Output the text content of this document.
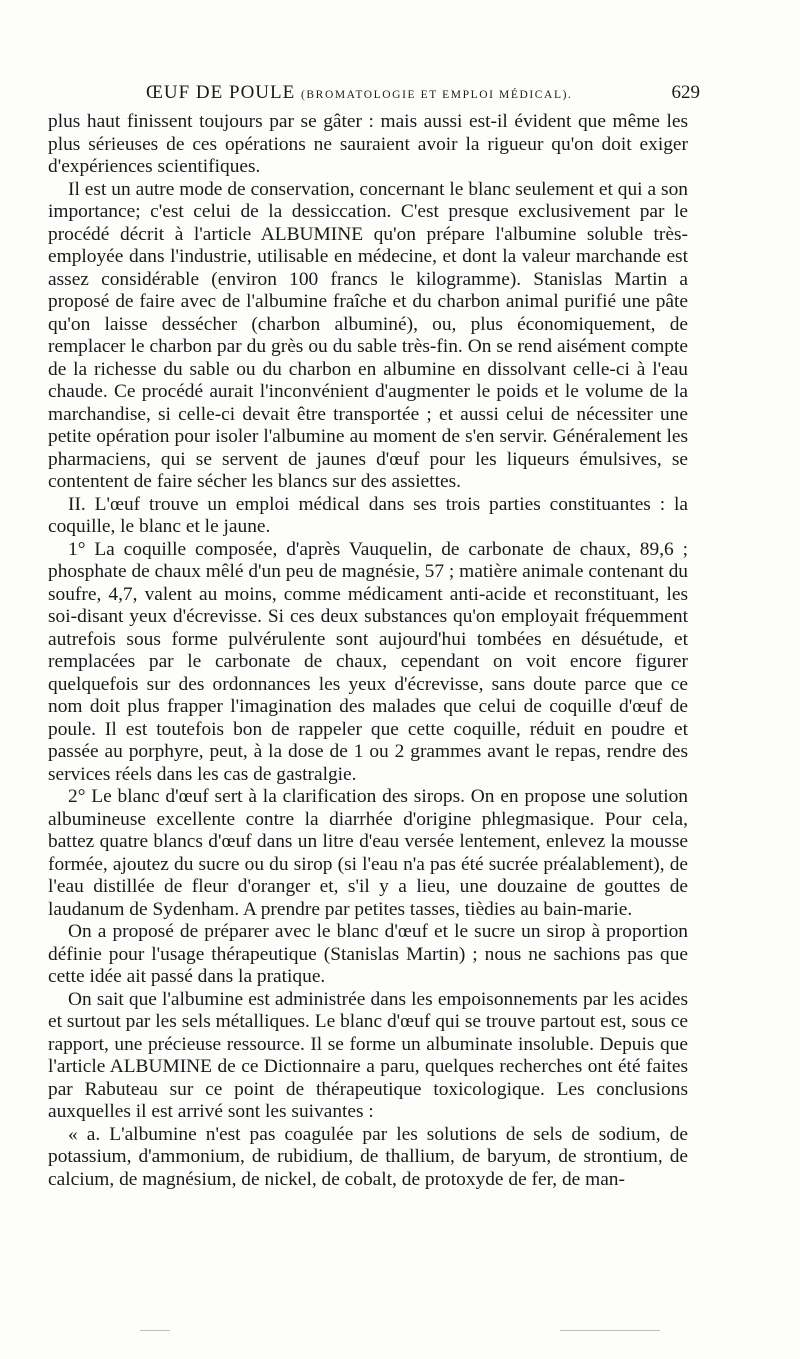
ŒUF DE POULE (BROMATOLOGIE ET EMPLOI MÉDICAL).	629

plus haut finissent toujours par se gâter : mais aussi est-il évident que même les plus sérieuses de ces opérations ne sauraient avoir la rigueur qu'on doit exiger d'expériences scientifiques.

Il est un autre mode de conservation, concernant le blanc seulement et qui a son importance; c'est celui de la dessiccation. C'est presque exclusivement par le procédé décrit à l'article ALBUMINE qu'on prépare l'albumine soluble très-employée dans l'industrie, utilisable en médecine, et dont la valeur marchande est assez considérable (environ 100 francs le kilogramme). Stanislas Martin a proposé de faire avec de l'albumine fraîche et du charbon animal purifié une pâte qu'on laisse dessécher (charbon albuminé), ou, plus économiquement, de remplacer le charbon par du grès ou du sable très-fin. On se rend aisément compte de la richesse du sable ou du charbon en albumine en dissolvant celle-ci à l'eau chaude. Ce procédé aurait l'inconvénient d'augmenter le poids et le volume de la marchandise, si celle-ci devait être transportée ; et aussi celui de nécessiter une petite opération pour isoler l'albumine au moment de s'en servir. Généralement les pharmaciens, qui se servent de jaunes d'œuf pour les liqueurs émulsives, se contentent de faire sécher les blancs sur des assiettes.

II. L'œuf trouve un emploi médical dans ses trois parties constituantes : la coquille, le blanc et le jaune.

1° La coquille composée, d'après Vauquelin, de carbonate de chaux, 89,6 ; phosphate de chaux mêlé d'un peu de magnésie, 57 ; matière animale contenant du soufre, 4,7, valent au moins, comme médicament anti-acide et reconstituant, les soi-disant yeux d'écrevisse. Si ces deux substances qu'on employait fréquemment autrefois sous forme pulvérulente sont aujourd'hui tombées en désuétude, et remplacées par le carbonate de chaux, cependant on voit encore figurer quelquefois sur des ordonnances les yeux d'écrevisse, sans doute parce que ce nom doit plus frapper l'imagination des malades que celui de coquille d'œuf de poule. Il est toutefois bon de rappeler que cette coquille, réduit en poudre et passée au porphyre, peut, à la dose de 1 ou 2 grammes avant le repas, rendre des services réels dans les cas de gastralgie.

2° Le blanc d'œuf sert à la clarification des sirops. On en propose une solution albumineuse excellente contre la diarrhée d'origine phlegmasique. Pour cela, battez quatre blancs d'œuf dans un litre d'eau versée lentement, enlevez la mousse formée, ajoutez du sucre ou du sirop (si l'eau n'a pas été sucrée préalablement), de l'eau distillée de fleur d'oranger et, s'il y a lieu, une douzaine de gouttes de laudanum de Sydenham. A prendre par petites tasses, tièdies au bain-marie.

On a proposé de préparer avec le blanc d'œuf et le sucre un sirop à proportion définie pour l'usage thérapeutique (Stanislas Martin) ; nous ne sachions pas que cette idée ait passé dans la pratique.

On sait que l'albumine est administrée dans les empoisonnements par les acides et surtout par les sels métalliques. Le blanc d'œuf qui se trouve partout est, sous ce rapport, une précieuse ressource. Il se forme un albuminate insoluble. Depuis que l'article ALBUMINE de ce Dictionnaire a paru, quelques recherches ont été faites par Rabuteau sur ce point de thérapeutique toxicologique. Les conclusions auxquelles il est arrivé sont les suivantes :

« a. L'albumine n'est pas coagulée par les solutions de sels de sodium, de potassium, d'ammonium, de rubidium, de thallium, de baryum, de strontium, de calcium, de magnésium, de nickel, de cobalt, de protoxyde de fer, de man-
